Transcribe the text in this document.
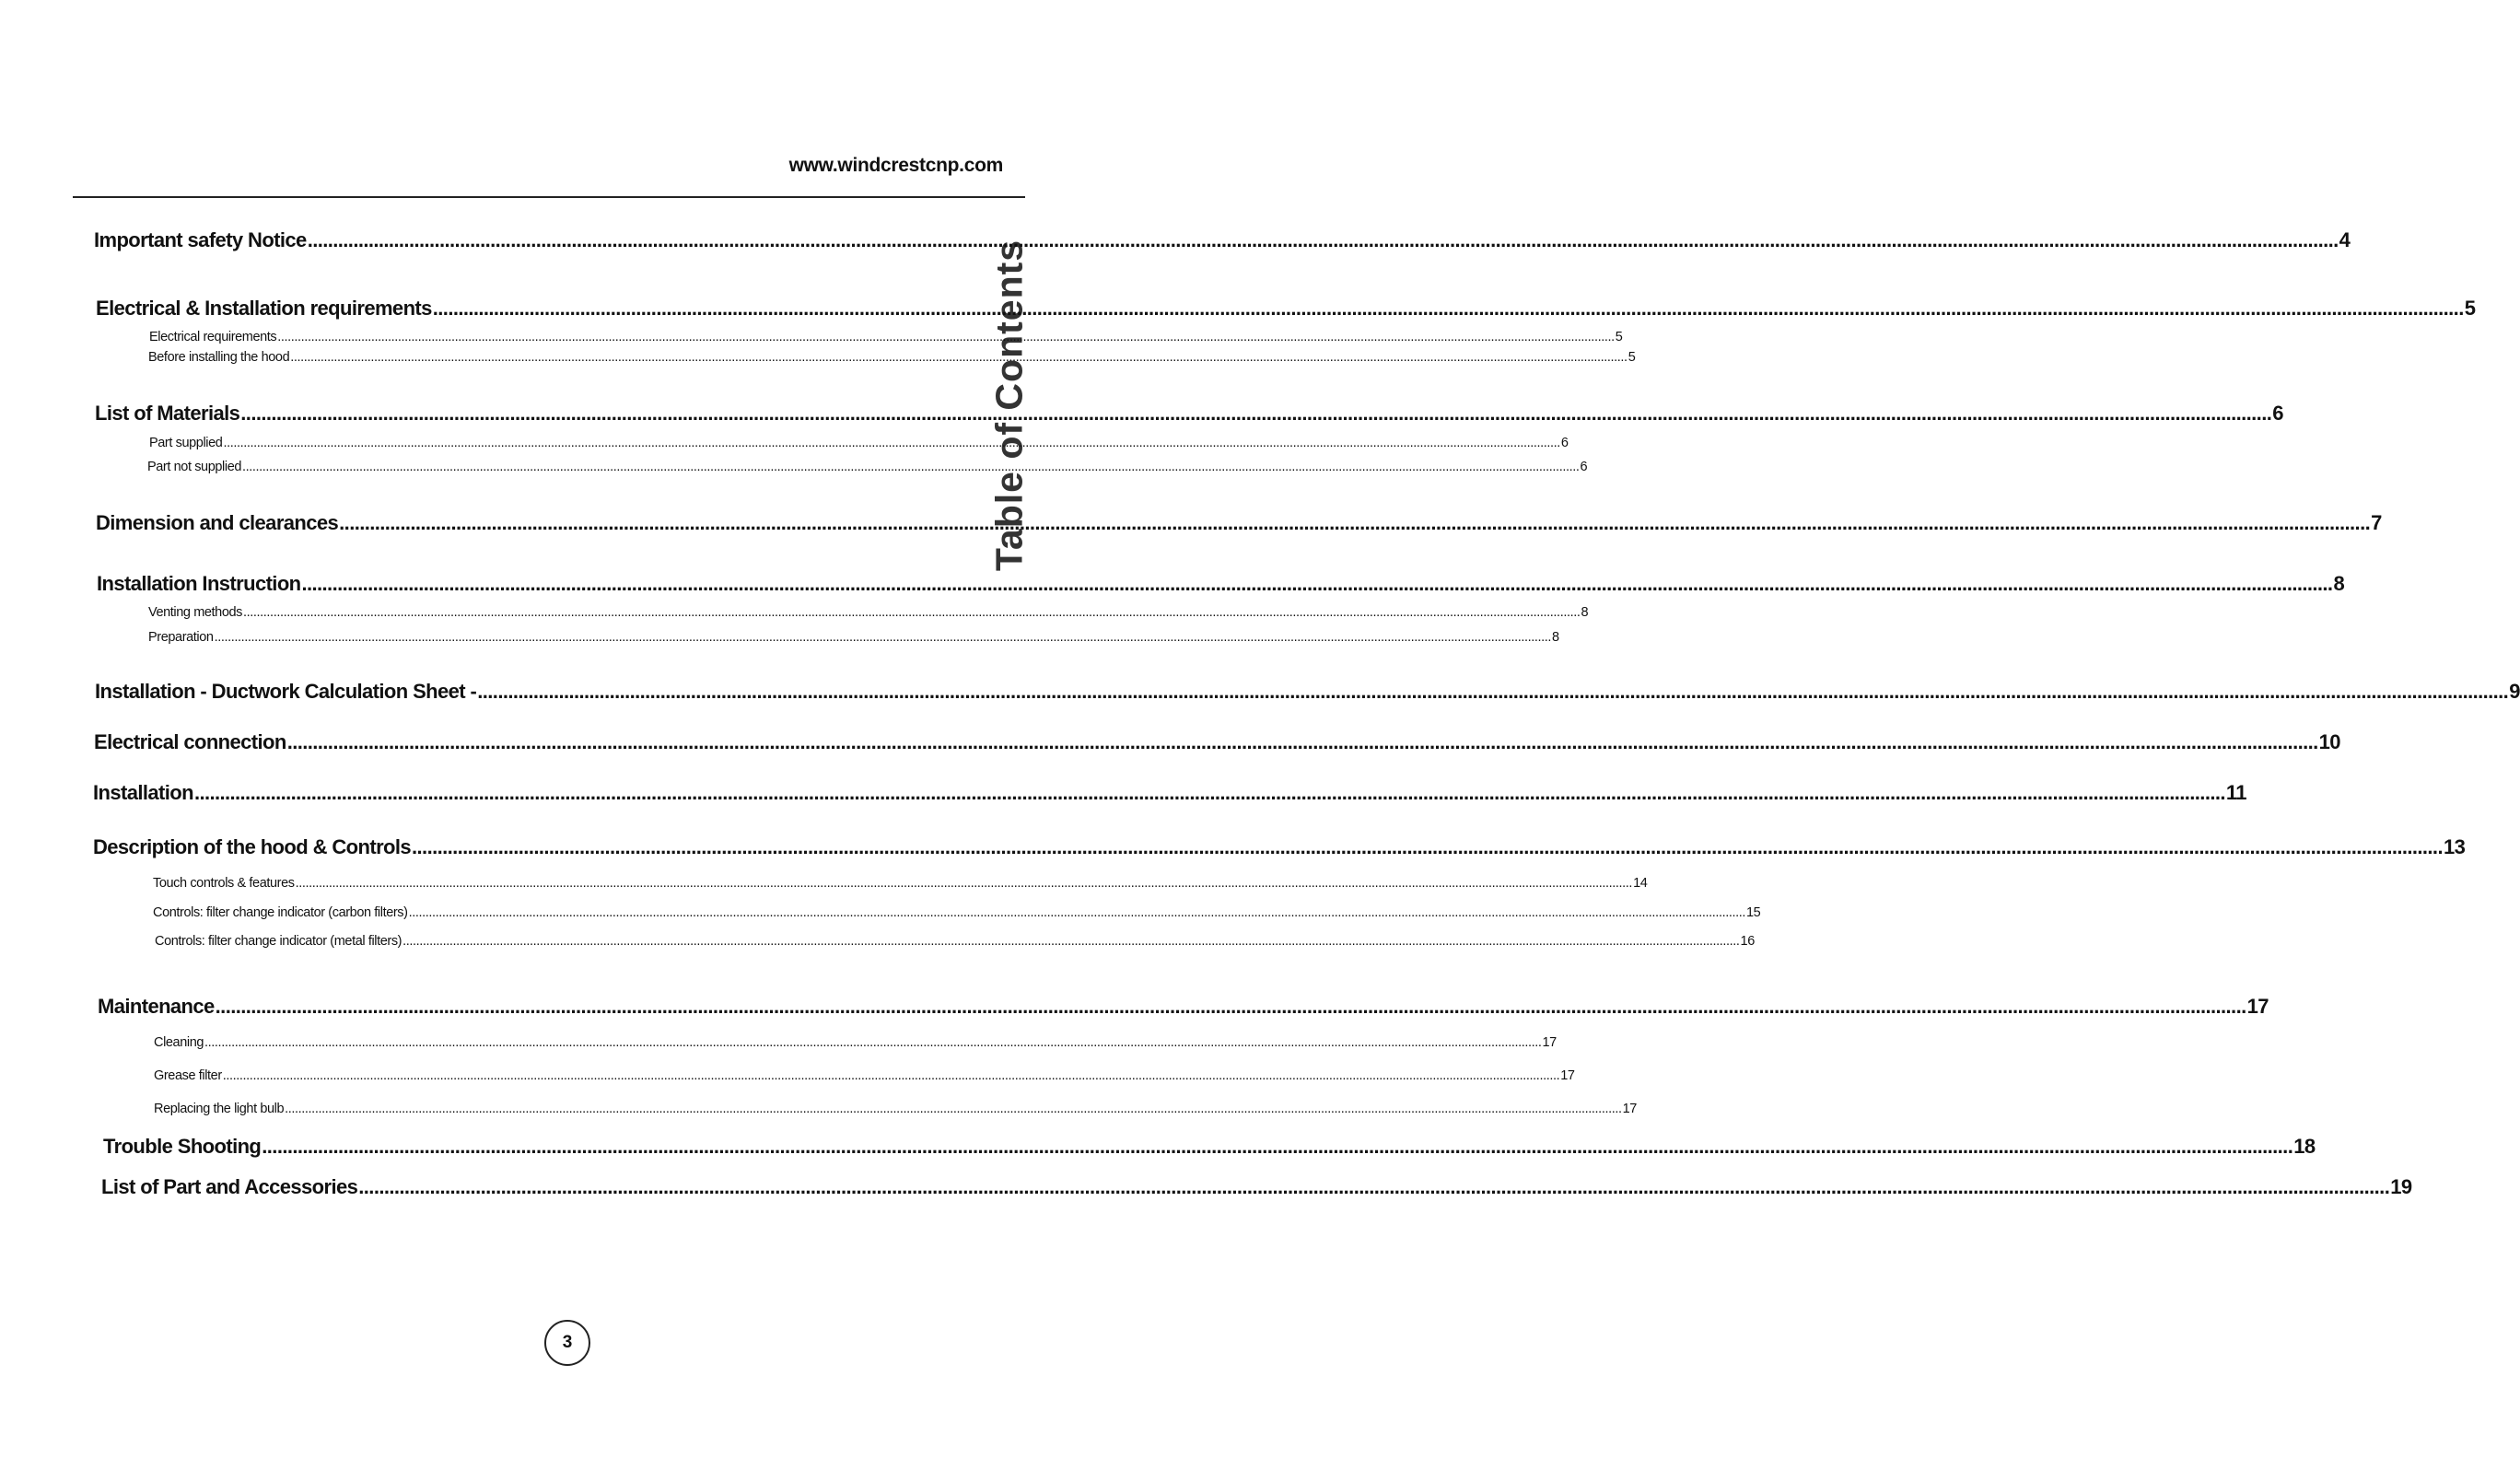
www.windcrestcnp.com
Table of Contents
Important safety Notice ................................................................................................................................................................................................................................................................................................................................................................................................................ 4
Electrical & Installation requirements ................................................................................................................................................................................................................................................................................................................................................................................................................ 5
Electrical requirements ................................................................................................................................................................................................................................................................................................................................................................................................................ 5
Before installing the hood ................................................................................................................................................................................................................................................................................................................................................................................................................ 5
List of Materials ................................................................................................................................................................................................................................................................................................................................................................................................................ 6
Part supplied ................................................................................................................................................................................................................................................................................................................................................................................................................ 6
Part not supplied ................................................................................................................................................................................................................................................................................................................................................................................................................ 6
Dimension and clearances ................................................................................................................................................................................................................................................................................................................................................................................................................ 7
Installation Instruction ................................................................................................................................................................................................................................................................................................................................................................................................................ 8
Venting methods ................................................................................................................................................................................................................................................................................................................................................................................................................ 8
Preparation ................................................................................................................................................................................................................................................................................................................................................................................................................ 8
Installation - Ductwork Calculation Sheet - ................................................................................................................................................................................................................................................................................................................................................................................................................ 9
Electrical connection ................................................................................................................................................................................................................................................................................................................................................................................................................ 10
Installation ................................................................................................................................................................................................................................................................................................................................................................................................................ 11
Description of the hood & Controls ................................................................................................................................................................................................................................................................................................................................................................................................................ 13
Touch controls & features ................................................................................................................................................................................................................................................................................................................................................................................................................ 14
Controls: filter change indicator (carbon filters) ................................................................................................................................................................................................................................................................................................................................................................................................................ 15
Controls: filter change indicator (metal filters) ................................................................................................................................................................................................................................................................................................................................................................................................................ 16
Maintenance ................................................................................................................................................................................................................................................................................................................................................................................................................ 17
Cleaning ................................................................................................................................................................................................................................................................................................................................................................................................................ 17
Grease filter ................................................................................................................................................................................................................................................................................................................................................................................................................ 17
Replacing the light bulb ................................................................................................................................................................................................................................................................................................................................................................................................................ 17
Trouble Shooting ................................................................................................................................................................................................................................................................................................................................................................................................................ 18
List of Part and Accessories ................................................................................................................................................................................................................................................................................................................................................................................................................ 19
3
